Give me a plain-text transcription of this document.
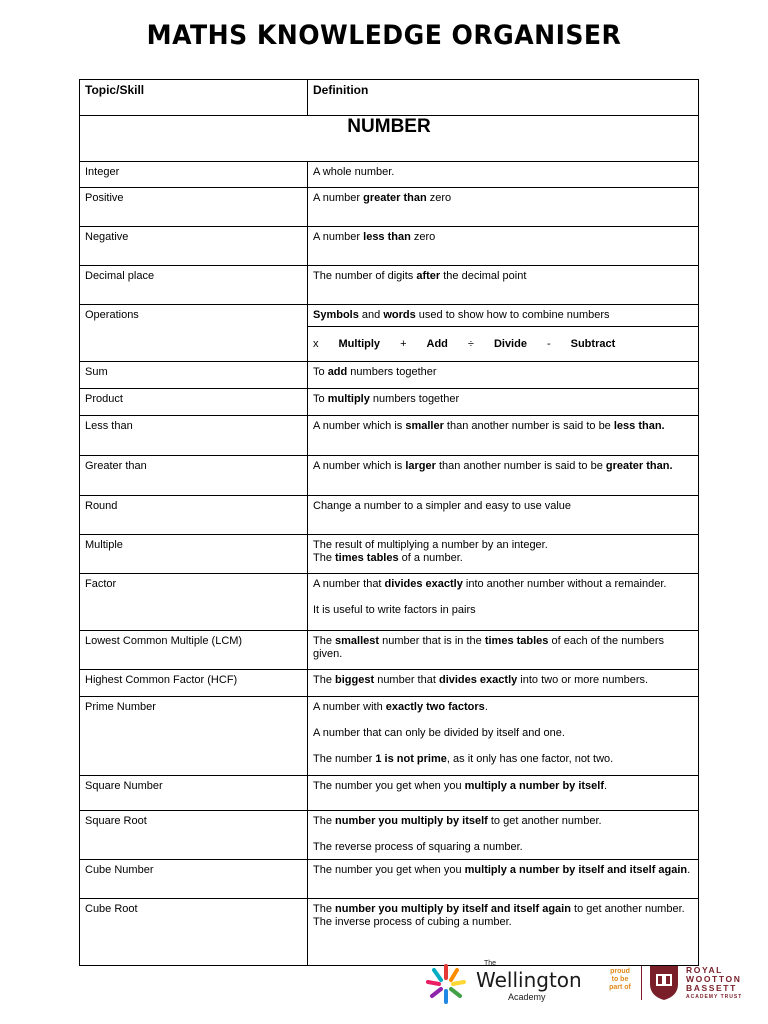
MATHS KNOWLEDGE ORGANISER
Topic/Skill	Definition
NUMBER	
Integer	A whole number.
Positive	A number greater than zero
Negative	A number less than zero
Decimal place	The number of digits after the decimal point
Operations	Symbols and words used to show how to combine numbers
	x Multiply + Add ÷ Divide - Subtract
Sum	To add numbers together
Product	To multiply numbers together
Less than	A number which is smaller than another number is said to be less than.
Greater than	A number which is larger than another number is said to be greater than.
Round	Change a number to a simpler and easy to use value
Multiple	The result of multiplying a number by an integer.
The times tables of a number.
Factor	A number that divides exactly into another number without a remainder.

It is useful to write factors in pairs
Lowest Common Multiple (LCM)	The smallest number that is in the times tables of each of the numbers given.
Highest Common Factor (HCF)	The biggest number that divides exactly into two or more numbers.
Prime Number	A number with exactly two factors.

A number that can only be divided by itself and one.

The number 1 is not prime, as it only has one factor, not two.
Square Number	The number you get when you multiply a number by itself.
Square Root	The number you multiply by itself to get another number.

The reverse process of squaring a number.
Cube Number	The number you get when you multiply a number by itself and itself again.
Cube Root	The number you multiply by itself and itself again to get another number.
The inverse process of cubing a number.
The
Wellington
Academy
proud
to be
part of
ROYAL
WOOTTON
BASSETT
ACADEMY TRUST
